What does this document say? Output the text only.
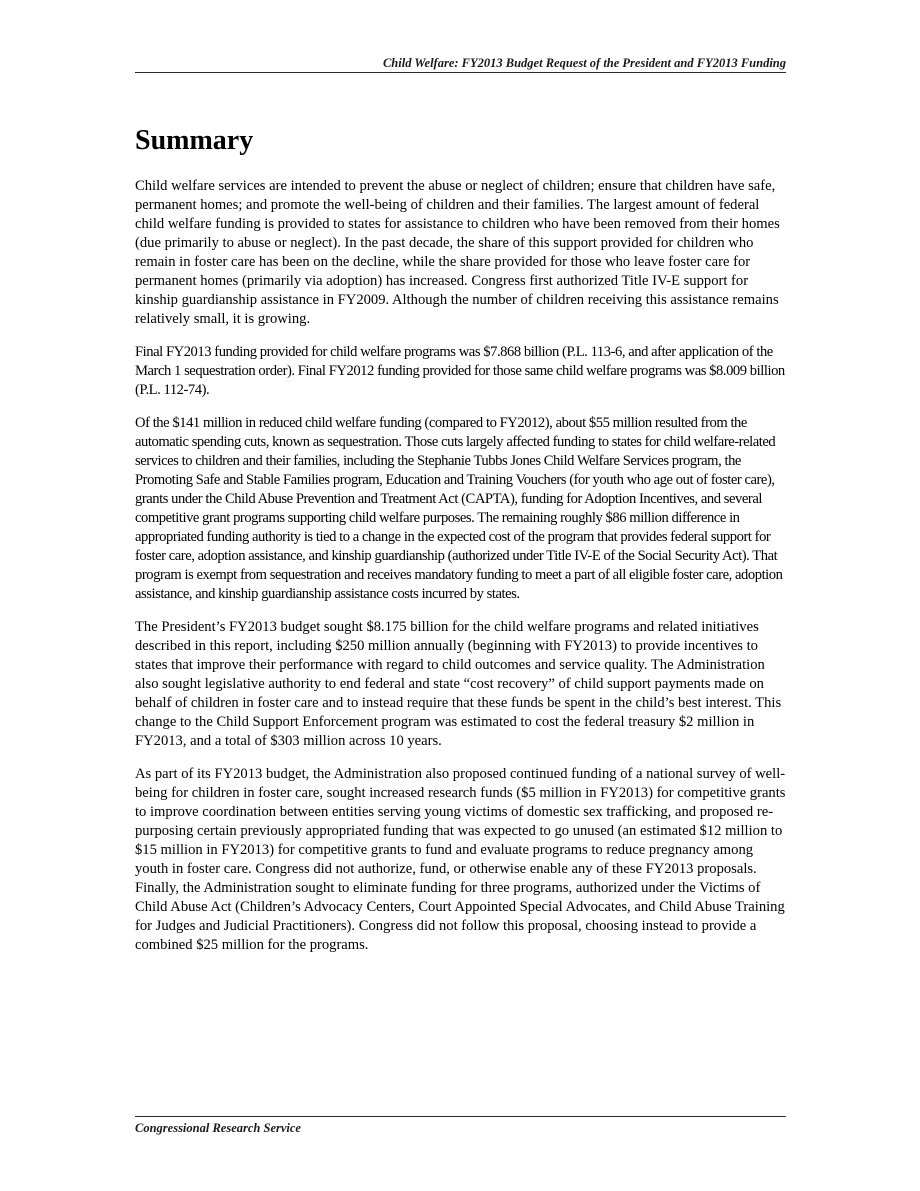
Child Welfare: FY2013 Budget Request of the President and FY2013 Funding
Summary

Child welfare services are intended to prevent the abuse or neglect of children; ensure that children have safe, permanent homes; and promote the well-being of children and their families. The largest amount of federal child welfare funding is provided to states for assistance to children who have been removed from their homes (due primarily to abuse or neglect). In the past decade, the share of this support provided for children who remain in foster care has been on the decline, while the share provided for those who leave foster care for permanent homes (primarily via adoption) has increased. Congress first authorized Title IV-E support for kinship guardianship assistance in FY2009. Although the number of children receiving this assistance remains relatively small, it is growing.

Final FY2013 funding provided for child welfare programs was $7.868 billion (P.L. 113-6, and after application of the March 1 sequestration order). Final FY2012 funding provided for those same child welfare programs was $8.009 billion (P.L. 112-74).

Of the $141 million in reduced child welfare funding (compared to FY2012), about $55 million resulted from the automatic spending cuts, known as sequestration. Those cuts largely affected funding to states for child welfare-related services to children and their families, including the Stephanie Tubbs Jones Child Welfare Services program, the Promoting Safe and Stable Families program, Education and Training Vouchers (for youth who age out of foster care), grants under the Child Abuse Prevention and Treatment Act (CAPTA), funding for Adoption Incentives, and several competitive grant programs supporting child welfare purposes. The remaining roughly $86 million difference in appropriated funding authority is tied to a change in the expected cost of the program that provides federal support for foster care, adoption assistance, and kinship guardianship (authorized under Title IV-E of the Social Security Act). That program is exempt from sequestration and receives mandatory funding to meet a part of all eligible foster care, adoption assistance, and kinship guardianship assistance costs incurred by states.

The President’s FY2013 budget sought $8.175 billion for the child welfare programs and related initiatives described in this report, including $250 million annually (beginning with FY2013) to provide incentives to states that improve their performance with regard to child outcomes and service quality. The Administration also sought legislative authority to end federal and state “cost recovery” of child support payments made on behalf of children in foster care and to instead require that these funds be spent in the child’s best interest. This change to the Child Support Enforcement program was estimated to cost the federal treasury $2 million in FY2013, and a total of $303 million across 10 years.

As part of its FY2013 budget, the Administration also proposed continued funding of a national survey of well-being for children in foster care, sought increased research funds ($5 million in FY2013) for competitive grants to improve coordination between entities serving young victims of domestic sex trafficking, and proposed re-purposing certain previously appropriated funding that was expected to go unused (an estimated $12 million to $15 million in FY2013) for competitive grants to fund and evaluate programs to reduce pregnancy among youth in foster care. Congress did not authorize, fund, or otherwise enable any of these FY2013 proposals. Finally, the Administration sought to eliminate funding for three programs, authorized under the Victims of Child Abuse Act (Children’s Advocacy Centers, Court Appointed Special Advocates, and Child Abuse Training for Judges and Judicial Practitioners). Congress did not follow this proposal, choosing instead to provide a combined $25 million for the programs.

Congressional Research Service
